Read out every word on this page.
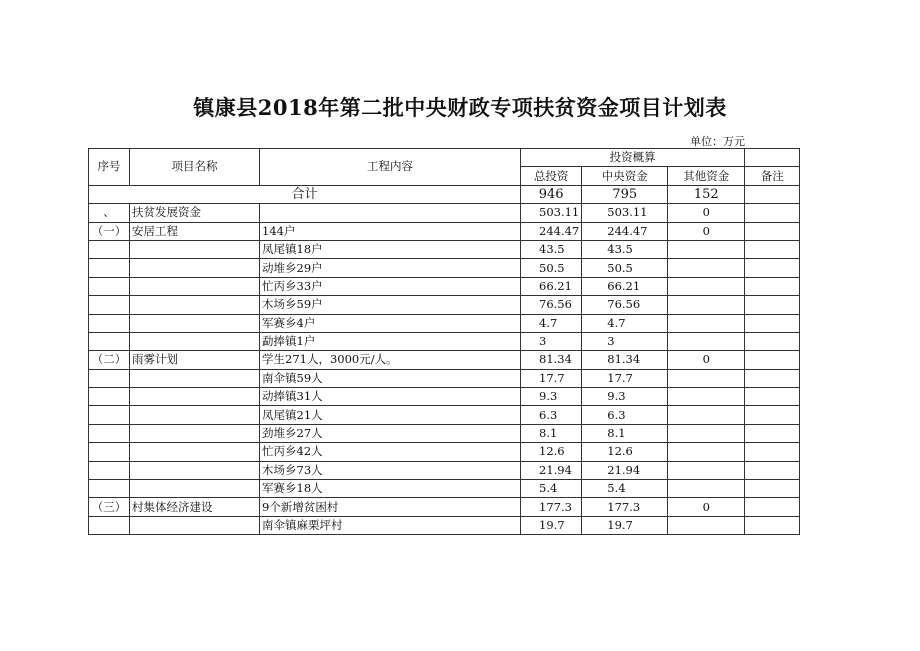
镇康县2018年第二批中央财政专项扶贫资金项目计划表
单位：万元
序号	项目名称	工程内容	投资概算			
			总投资	中央资金	其他资金	备注
合计			946	795	152	
、	扶贫发展资金		503.11	503.11	0	
（一）	安居工程	144户	244.47	244.47	0	
		凤尾镇18户	43.5	43.5		
		动堆乡29户	50.5	50.5		
		忙丙乡33户	66.21	66.21		
		木场乡59户	76.56	76.56		
		军赛乡4户	4.7	4.7		
		勐捧镇1户	3	3		
（二）	雨雾计划	学生271人，3000元/人。	81.34	81.34	0	
		南伞镇59人	17.7	17.7		
		动捧镇31人	9.3	9.3		
		凤尾镇21人	6.3	6.3		
		劲堆乡27人	8.1	8.1		
		忙丙乡42人	12.6	12.6		
		木场乡73人	21.94	21.94		
		军赛乡18人	5.4	5.4		
（三）	村集体经济建设	9个新增贫困村	177.3	177.3	0	
		南伞镇麻栗坪村	19.7	19.7		
